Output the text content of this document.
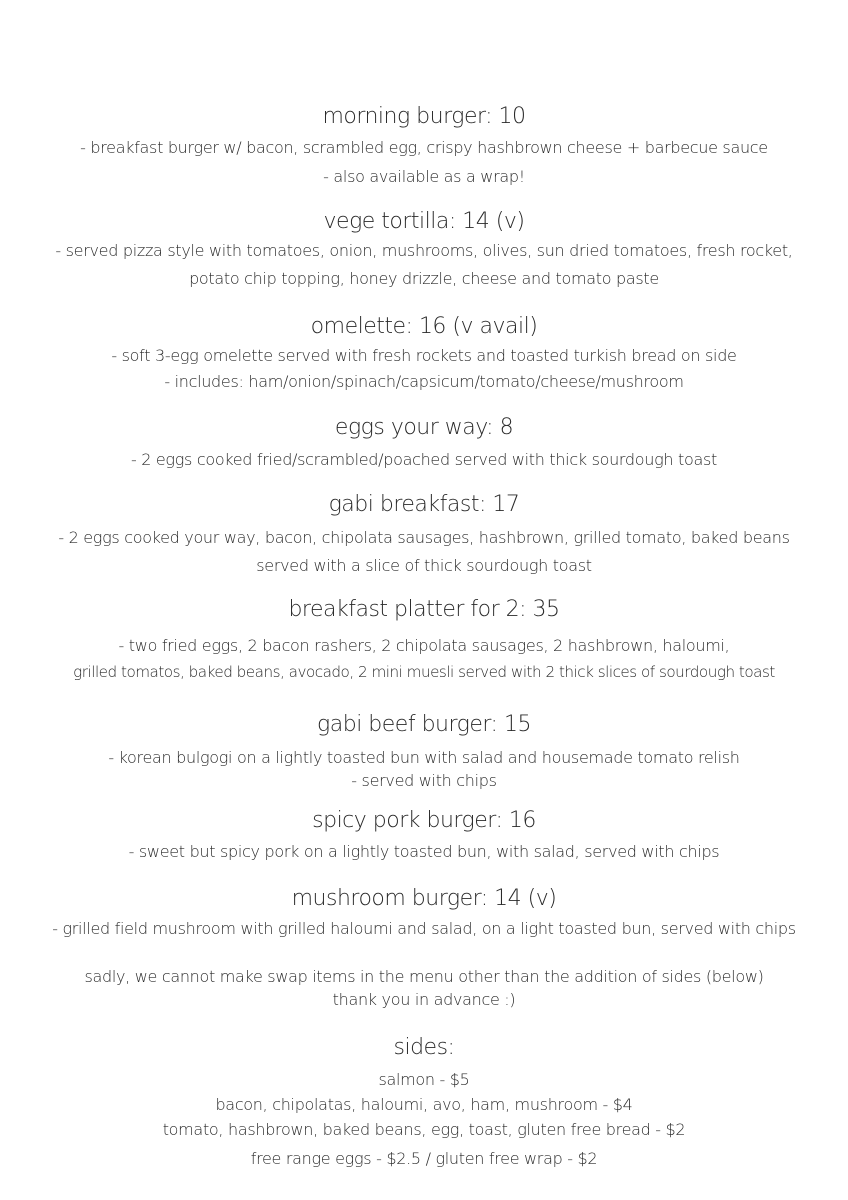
morning burger: 10
- breakfast burger w/ bacon, scrambled egg, crispy hashbrown cheese + barbecue sauce
- also available as a wrap!
vege tortilla: 14 (v)
- served pizza style with tomatoes, onion, mushrooms, olives, sun dried tomatoes, fresh rocket,
potato chip topping, honey drizzle, cheese and tomato paste
omelette: 16 (v avail)
- soft 3-egg omelette served with fresh rockets and toasted turkish bread on side
- includes: ham/onion/spinach/capsicum/tomato/cheese/mushroom
eggs your way: 8
- 2 eggs cooked fried/scrambled/poached served with thick sourdough toast
gabi breakfast: 17
- 2 eggs cooked your way, bacon, chipolata sausages, hashbrown, grilled tomato, baked beans
served with a slice of thick sourdough toast
breakfast platter for 2: 35
- two fried eggs, 2 bacon rashers, 2 chipolata sausages, 2 hashbrown, haloumi,
grilled tomatos, baked beans, avocado, 2 mini muesli served with 2 thick slices of sourdough toast
gabi beef burger: 15
- korean bulgogi on a lightly toasted bun with salad and housemade tomato relish
- served with chips
spicy pork burger: 16
- sweet but spicy pork on a lightly toasted bun, with salad, served with chips
mushroom burger: 14 (v)
- grilled field mushroom with grilled haloumi and salad, on a light toasted bun, served with chips
sadly, we cannot make swap items in the menu other than the addition of sides (below)
thank you in advance :)
sides:
salmon - $5
bacon, chipolatas, haloumi, avo, ham, mushroom - $4
tomato, hashbrown, baked beans, egg, toast, gluten free bread - $2
free range eggs - $2.5 / gluten free wrap - $2
